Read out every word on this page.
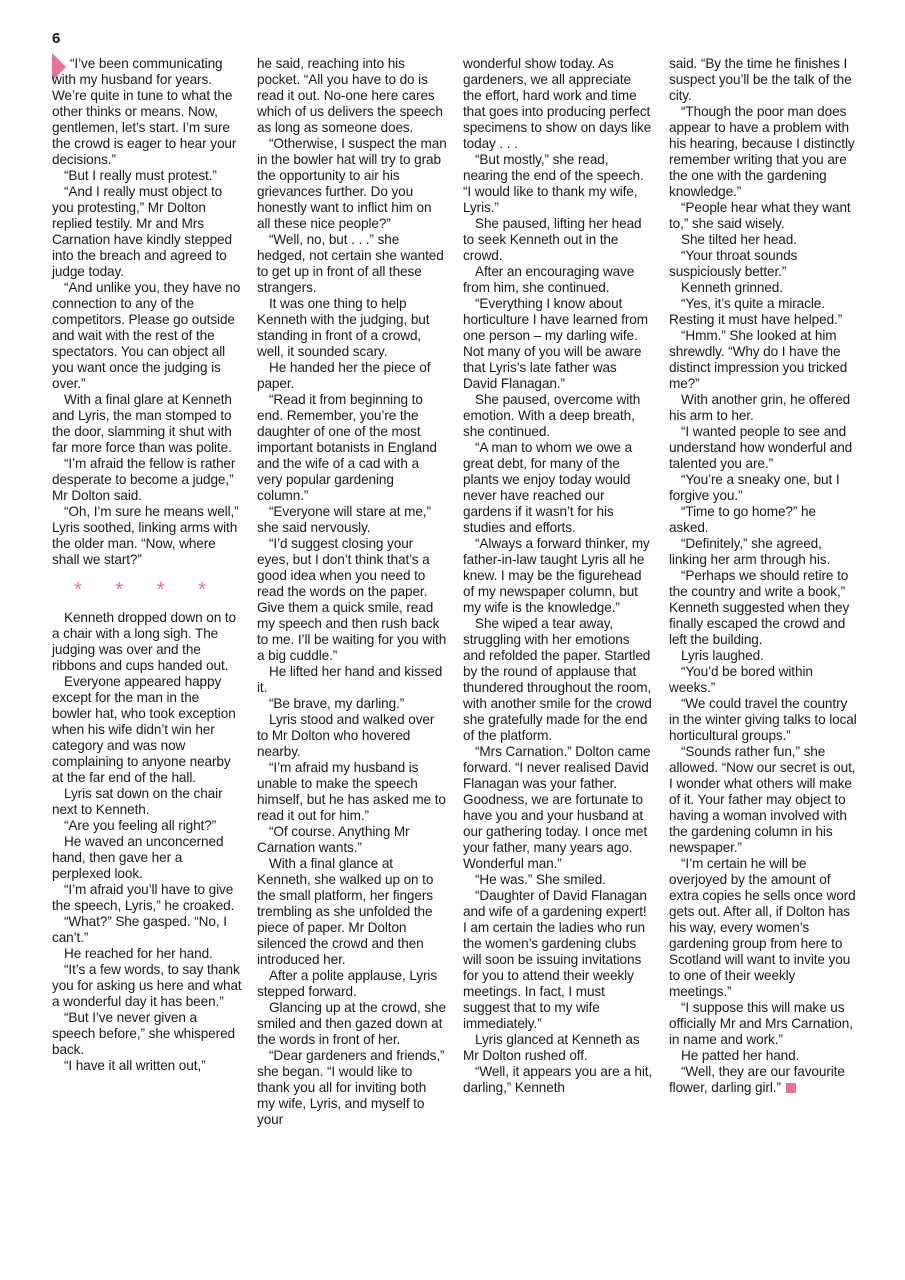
6

“I’ve been communicating with my husband for years. We’re quite in tune to what the other thinks or means. Now, gentlemen, let’s start. I’m sure the crowd is eager to hear your decisions.”

“But I really must protest.”

“And I really must object to you protesting,” Mr Dolton replied testily. Mr and Mrs Carnation have kindly stepped into the breach and agreed to judge today.

“And unlike you, they have no connection to any of the competitors. Please go outside and wait with the rest of the spectators. You can object all you want once the judging is over.”

With a final glare at Kenneth and Lyris, the man stomped to the door, slamming it shut with far more force than was polite.

“I’m afraid the fellow is rather desperate to become a judge,” Mr Dolton said.

“Oh, I’m sure he means well,” Lyris soothed, linking arms with the older man. “Now, where shall we start?”

* * * *

Kenneth dropped down on to a chair with a long sigh. The judging was over and the ribbons and cups handed out.

Everyone appeared happy except for the man in the bowler hat, who took exception when his wife didn’t win her category and was now complaining to anyone nearby at the far end of the hall.

Lyris sat down on the chair next to Kenneth.

“Are you feeling all right?”

He waved an unconcerned hand, then gave her a perplexed look.

“I’m afraid you’ll have to give the speech, Lyris,” he croaked.

“What?” She gasped. “No, I can’t.”

He reached for her hand.

“It’s a few words, to say thank you for asking us here and what a wonderful day it has been.”

“But I’ve never given a speech before,” she whispered back.

“I have it all written out,”

he said, reaching into his pocket. “All you have to do is read it out. No-one here cares which of us delivers the speech as long as someone does.

“Otherwise, I suspect the man in the bowler hat will try to grab the opportunity to air his grievances further. Do you honestly want to inflict him on all these nice people?”

“Well, no, but . . .” she hedged, not certain she wanted to get up in front of all these strangers.

It was one thing to help Kenneth with the judging, but standing in front of a crowd, well, it sounded scary.

He handed her the piece of paper.

“Read it from beginning to end. Remember, you’re the daughter of one of the most important botanists in England and the wife of a cad with a very popular gardening column.”

“Everyone will stare at me,” she said nervously.

“I’d suggest closing your eyes, but I don’t think that’s a good idea when you need to read the words on the paper. Give them a quick smile, read my speech and then rush back to me. I’ll be waiting for you with a big cuddle.”

He lifted her hand and kissed it.

“Be brave, my darling.”

Lyris stood and walked over to Mr Dolton who hovered nearby.

“I’m afraid my husband is unable to make the speech himself, but he has asked me to read it out for him.”

“Of course. Anything Mr Carnation wants.”

With a final glance at Kenneth, she walked up on to the small platform, her fingers trembling as she unfolded the piece of paper. Mr Dolton silenced the crowd and then introduced her.

After a polite applause, Lyris stepped forward.

Glancing up at the crowd, she smiled and then gazed down at the words in front of her.

“Dear gardeners and friends,” she began. “I would like to thank you all for inviting both my wife, Lyris, and myself to your

wonderful show today. As gardeners, we all appreciate the effort, hard work and time that goes into producing perfect specimens to show on days like today . . .

“But mostly,” she read, nearing the end of the speech. “I would like to thank my wife, Lyris.”

She paused, lifting her head to seek Kenneth out in the crowd.

After an encouraging wave from him, she continued.

“Everything I know about horticulture I have learned from one person – my darling wife. Not many of you will be aware that Lyris’s late father was David Flanagan.”

She paused, overcome with emotion. With a deep breath, she continued.

“A man to whom we owe a great debt, for many of the plants we enjoy today would never have reached our gardens if it wasn’t for his studies and efforts.

“Always a forward thinker, my father-in-law taught Lyris all he knew. I may be the figurehead of my newspaper column, but my wife is the knowledge.”

She wiped a tear away, struggling with her emotions and refolded the paper. Startled by the round of applause that thundered throughout the room, with another smile for the crowd she gratefully made for the end of the platform.

“Mrs Carnation.” Dolton came forward. “I never realised David Flanagan was your father. Goodness, we are fortunate to have you and your husband at our gathering today. I once met your father, many years ago. Wonderful man.”

“He was.” She smiled.

“Daughter of David Flanagan and wife of a gardening expert! I am certain the ladies who run the women’s gardening clubs will soon be issuing invitations for you to attend their weekly meetings. In fact, I must suggest that to my wife immediately.”

Lyris glanced at Kenneth as Mr Dolton rushed off.

“Well, it appears you are a hit, darling,” Kenneth

said. “By the time he finishes I suspect you’ll be the talk of the city.

“Though the poor man does appear to have a problem with his hearing, because I distinctly remember writing that you are the one with the gardening knowledge.”

“People hear what they want to,” she said wisely.

She tilted her head.

“Your throat sounds suspiciously better.”

Kenneth grinned.

“Yes, it’s quite a miracle. Resting it must have helped.”

“Hmm.” She looked at him shrewdly. “Why do I have the distinct impression you tricked me?”

With another grin, he offered his arm to her.

“I wanted people to see and understand how wonderful and talented you are.”

“You’re a sneaky one, but I forgive you.”

“Time to go home?” he asked.

“Definitely,” she agreed, linking her arm through his.

“Perhaps we should retire to the country and write a book,” Kenneth suggested when they finally escaped the crowd and left the building.

Lyris laughed.

“You’d be bored within weeks.”

“We could travel the country in the winter giving talks to local horticultural groups.”

“Sounds rather fun,” she allowed. “Now our secret is out, I wonder what others will make of it. Your father may object to having a woman involved with the gardening column in his newspaper.”

“I’m certain he will be overjoyed by the amount of extra copies he sells once word gets out. After all, if Dolton has his way, every women’s gardening group from here to Scotland will want to invite you to one of their weekly meetings.”

“I suppose this will make us officially Mr and Mrs Carnation, in name and work.”

He patted her hand.

“Well, they are our favourite flower, darling girl.”
